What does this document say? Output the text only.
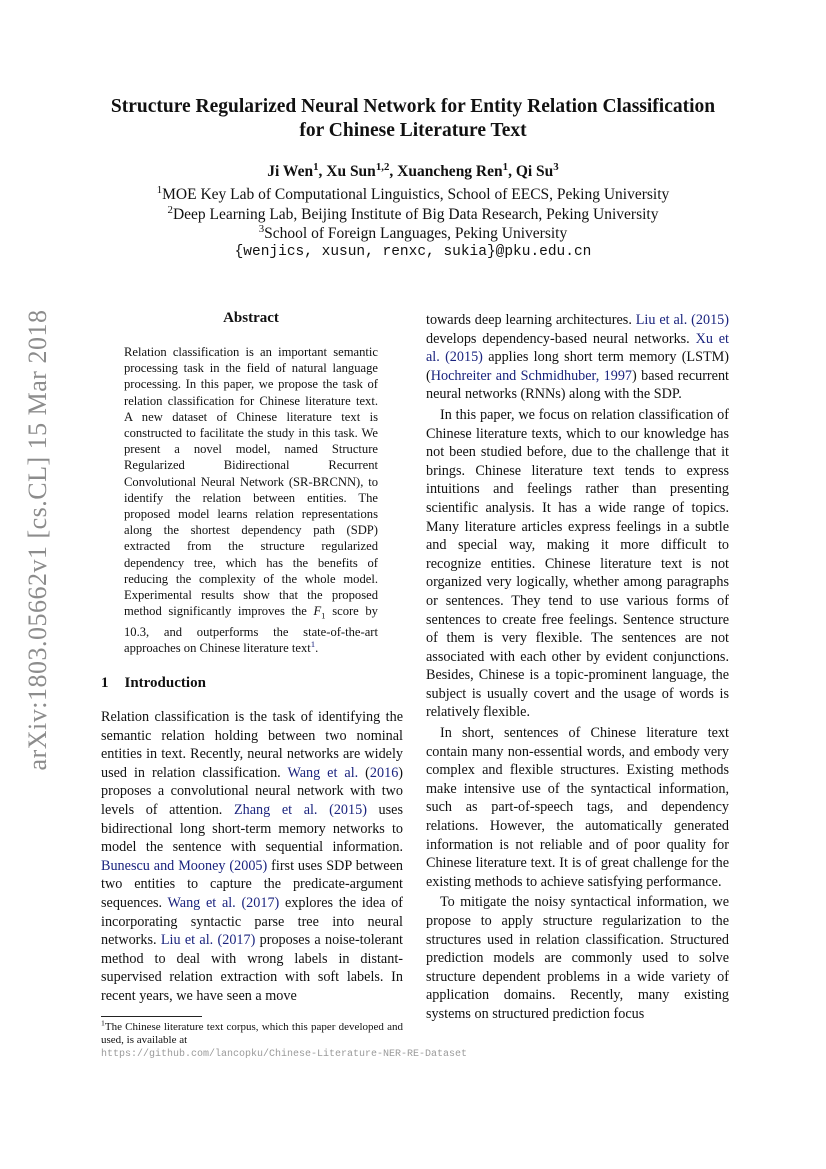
arXiv:1803.05662v1 [cs.CL] 15 Mar 2018
Structure Regularized Neural Network for Entity Relation Classification
for Chinese Literature Text
Ji Wen$^1$, Xu Sun$^{1,2}$, Xuancheng Ren$^1$, Qi Su$^3$
$^1$MOE Key Lab of Computational Linguistics, School of EECS, Peking University
$^2$Deep Learning Lab, Beijing Institute of Big Data Research, Peking University
$^3$School of Foreign Languages, Peking University
{wenjics, xusun, renxc, sukia}@pku.edu.cn
Abstract
Relation classification is an important semantic processing task in the field of natural language processing. In this paper, we propose the task of relation classification for Chinese literature text. A new dataset of Chinese literature text is constructed to facilitate the study in this task. We present a novel model, named Structure Regularized Bidirectional Recurrent Convolutional Neural Network (SR-BRCNN), to identify the relation between entities. The proposed model learns relation representations along the shortest dependency path (SDP) extracted from the structure regularized dependency tree, which has the benefits of reducing the complexity of the whole model. Experimental results show that the proposed method significantly improves the $F_1$ score by 10.3, and outperforms the state-of-the-art approaches on Chinese literature text$^1$.
1 Introduction

Relation classification is the task of identifying the semantic relation holding between two nominal entities in text. Recently, neural networks are widely used in relation classification. Wang et al. (2016) proposes a convolutional neural network with two levels of attention. Zhang et al. (2015) uses bidirectional long short-term memory networks to model the sentence with sequential information. Bunescu and Mooney (2005) first uses SDP between two entities to capture the predicate-argument sequences. Wang et al. (2017) explores the idea of incorporating syntactic parse tree into neural networks. Liu et al. (2017) proposes a noise-tolerant method to deal with wrong labels in distant-supervised relation extraction with soft labels. In recent years, we have seen a move

towards deep learning architectures. Liu et al. (2015) develops dependency-based neural networks. Xu et al. (2015) applies long short term memory (LSTM) (Hochreiter and Schmidhuber, 1997) based recurrent neural networks (RNNs) along with the SDP.

In this paper, we focus on relation classification of Chinese literature texts, which to our knowledge has not been studied before, due to the challenge that it brings. Chinese literature text tends to express intuitions and feelings rather than presenting scientific analysis. It has a wide range of topics. Many literature articles express feelings in a subtle and special way, making it more difficult to recognize entities. Chinese literature text is not organized very logically, whether among paragraphs or sentences. They tend to use various forms of sentences to create free feelings. Sentence structure of them is very flexible. The sentences are not associated with each other by evident conjunctions. Besides, Chinese is a topic-prominent language, the subject is usually covert and the usage of words is relatively flexible.

In short, sentences of Chinese literature text contain many non-essential words, and embody very complex and flexible structures. Existing methods make intensive use of the syntactical information, such as part-of-speech tags, and dependency relations. However, the automatically generated information is not reliable and of poor quality for Chinese literature text. It is of great challenge for the existing methods to achieve satisfying performance.

To mitigate the noisy syntactical information, we propose to apply structure regularization to the structures used in relation classification. Structured prediction models are commonly used to solve structure dependent problems in a wide variety of application domains. Recently, many existing systems on structured prediction focus

$^1$The Chinese literature text corpus, which this paper developed and used, is available at
https://github.com/lancopku/Chinese-Literature-NER-RE-Dataset
